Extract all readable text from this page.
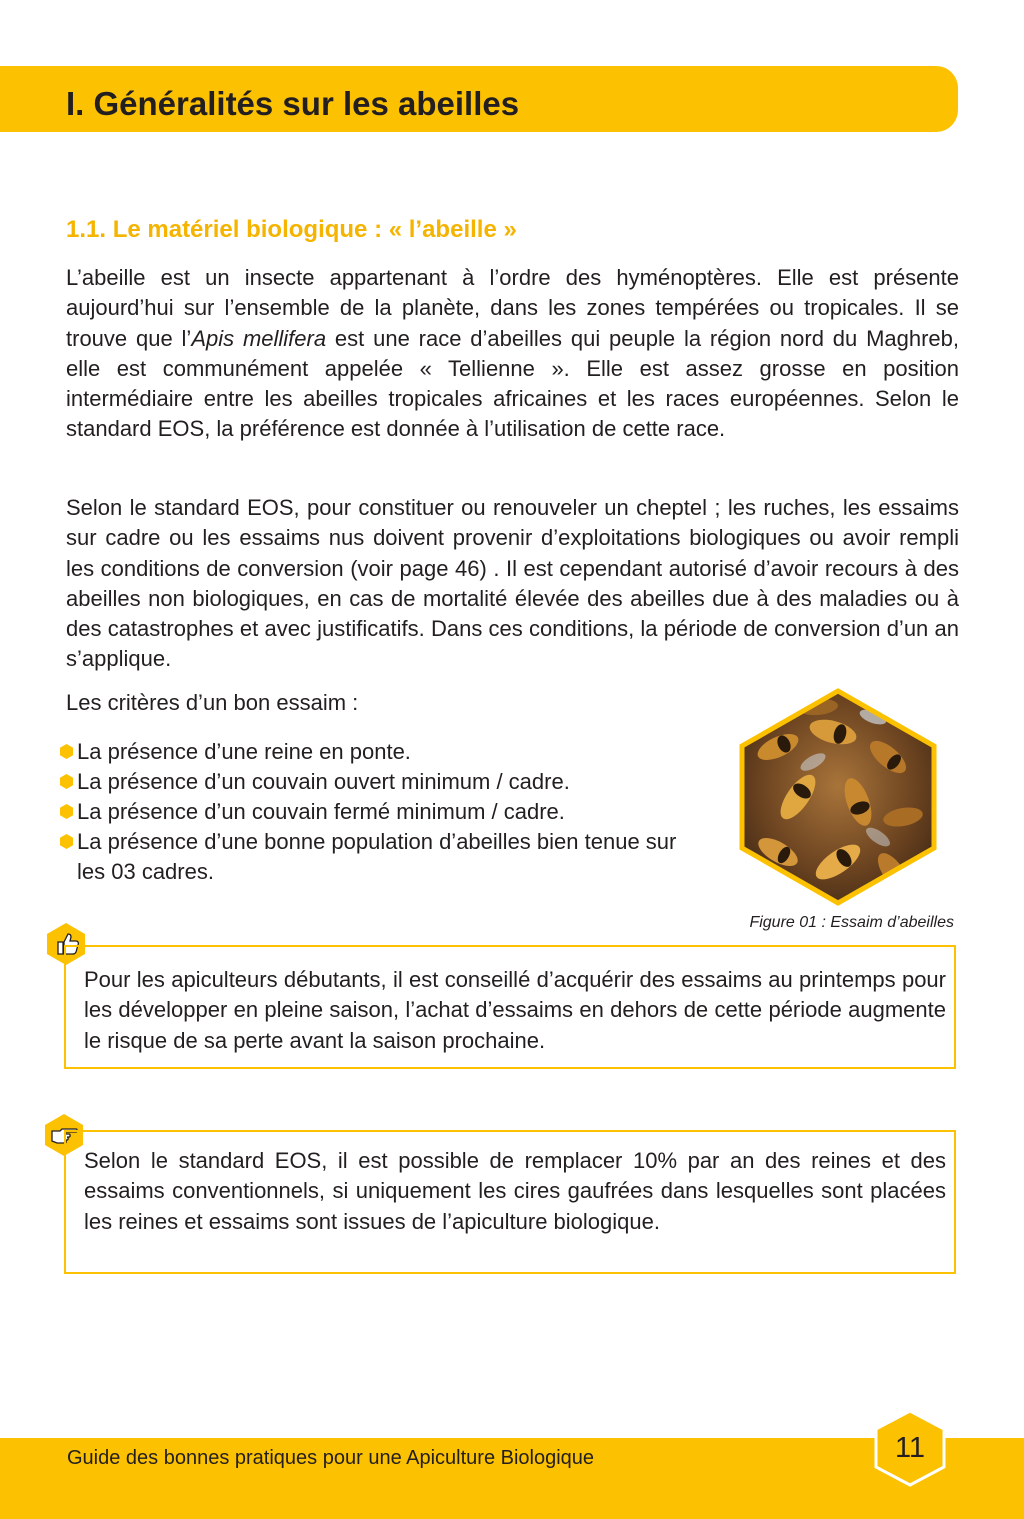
I. Généralités sur les abeilles
1.1. Le matériel biologique : « l’abeille »

L’abeille est un insecte appartenant à l’ordre des hyménoptères. Elle est présente aujourd’hui sur l’ensemble de la planète, dans les zones tempérées ou tropicales. Il se trouve que l’Apis mellifera est une race d’abeilles qui peuple la région nord du Maghreb, elle est communément appelée « Tellienne ». Elle est assez grosse en position intermédiaire entre les abeilles tropicales africaines et les races européennes. Selon le standard EOS, la préférence est donnée à l’utilisation de cette race.

Selon le standard EOS, pour constituer ou renouveler un cheptel ; les ruches, les essaims sur cadre ou les essaims nus doivent provenir d’exploitations biologiques ou avoir rempli les conditions de conversion (voir page 46) . Il est cependant autorisé d’avoir recours à des abeilles non biologiques, en cas de mortalité élevée des abeilles due à des maladies ou à des catastrophes et avec justificatifs. Dans ces conditions, la période de conversion d’un an s’applique.

Les critères d’un bon essaim :

La présence d’une reine en ponte.
La présence d’un couvain ouvert minimum / cadre.
La présence d’un couvain fermé minimum / cadre.
La présence d’une bonne population d’abeilles bien tenue sur les 03 cadres.

Figure 01 : Essaim d’abeilles

Pour les apiculteurs débutants, il est conseillé d’acquérir des essaims au printemps pour les développer en pleine saison, l’achat d’essaims en dehors de cette période augmente le risque de sa perte avant la saison prochaine.

Selon le standard EOS, il est possible de remplacer 10% par an des reines et des essaims conventionnels, si uniquement les cires gaufrées dans lesquelles sont placées les reines et essaims sont issues de l’apiculture biologique.

Guide des bonnes pratiques pour une Apiculture Biologique	11
